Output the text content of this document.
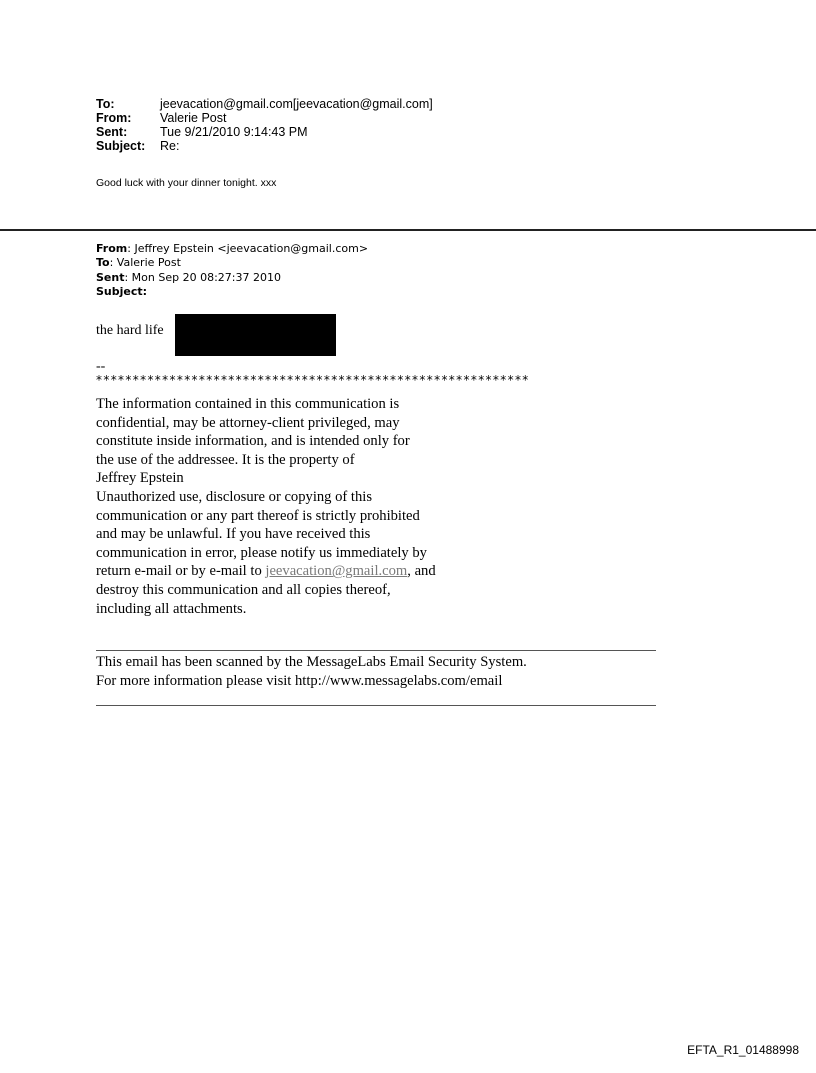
To:	jeevacation@gmail.com[jeevacation@gmail.com]
From: Valerie Post
Sent:	Tue 9/21/2010 9:14:43 PM
Subject: Re:
Good luck with your dinner tonight. xxx
From: Jeffrey Epstein <jeevacation@gmail.com>
To: Valerie Post
Sent: Mon Sep 20 08:27:37 2010
Subject:
the hard life
--
***********************************************************

The information contained in this communication is

confidential, may be attorney-client privileged, may

constitute inside information, and is intended only for

the use of the addressee. It is the property of

Jeffrey Epstein

Unauthorized use, disclosure or copying of this

communication or any part thereof is strictly prohibited

and may be unlawful. If you have received this

communication in error, please notify us immediately by

return e-mail or by e-mail to jeevacation@gmail.com, and

destroy this communication and all copies thereof,

including all attachments.

This email has been scanned by the MessageLabs Email Security System.

For more information please visit http://www.messagelabs.com/email

EFTA_R1_01488998
